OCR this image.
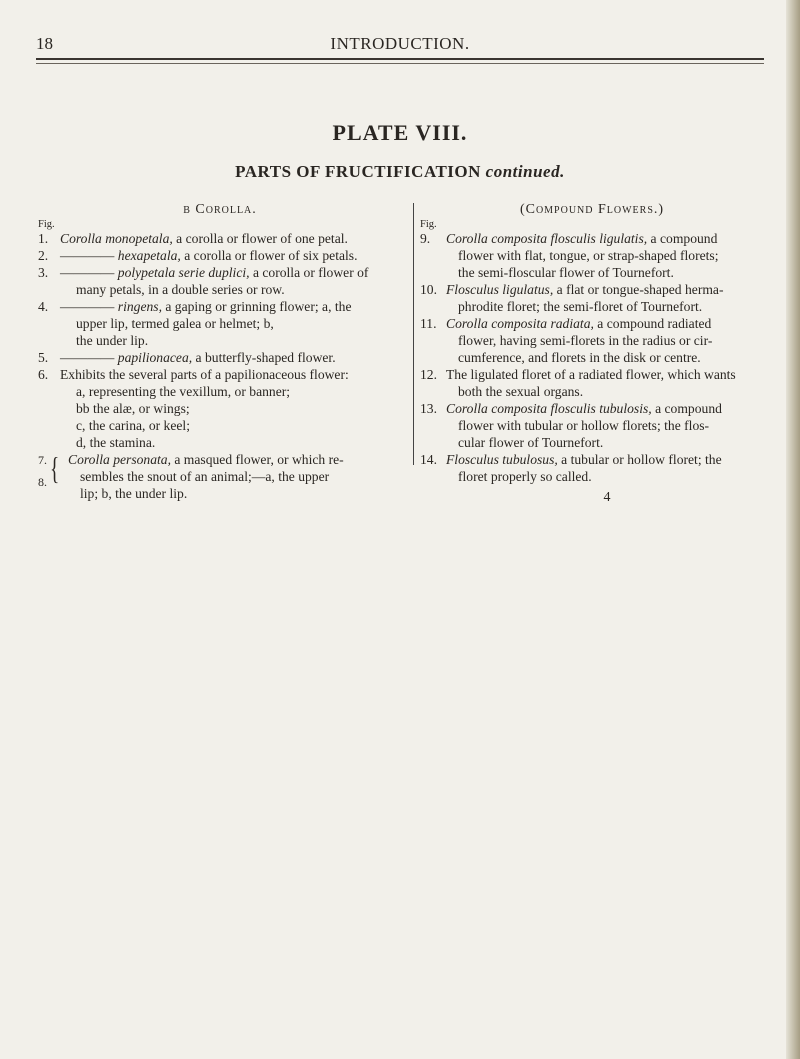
18	INTRODUCTION.
PLATE VIII.
PARTS OF FRUCTIFICATION continued.
β Corolla.
Fig.
1. Corolla monopetala, a corolla or flower of one petal.
2. ———— hexapetala, a corolla or flower of six petals.
3. ———— polypetala serie duplici, a corolla or flower of
many petals, in a double series or row.
4. ———— ringens, a gaping or grinning flower; a, the
upper lip, termed galea or helmet; b,
the under lip.
5. ———— papilionacea, a butterfly-shaped flower.
6. Exhibits the several parts of a papilionaceous flower:
a, representing the vexillum, or banner;
bb the alæ, or wings;
c, the carina, or keel;
d, the stamina.
7.
8. { Corolla personata, a masqued flower, or which re-
sembles the snout of an animal;—a, the upper
lip; b, the under lip.
(Compound Flowers.)
Fig.
9. Corolla composita flosculis ligulatis, a compound
flower with flat, tongue, or strap-shaped florets;
the semi-floscular flower of Tournefort.
10. Flosculus ligulatus, a flat or tongue-shaped herma-
phrodite floret; the semi-floret of Tournefort.
11. Corolla composita radiata, a compound radiated
flower, having semi-florets in the radius or cir-
cumference, and florets in the disk or centre.
12. The ligulated floret of a radiated flower, which wants
both the sexual organs.
13. Corolla composita flosculis tubulosis, a compound
flower with tubular or hollow florets; the flos-
cular flower of Tournefort.
14. Flosculus tubulosus, a tubular or hollow floret; the
floret properly so called.
4
